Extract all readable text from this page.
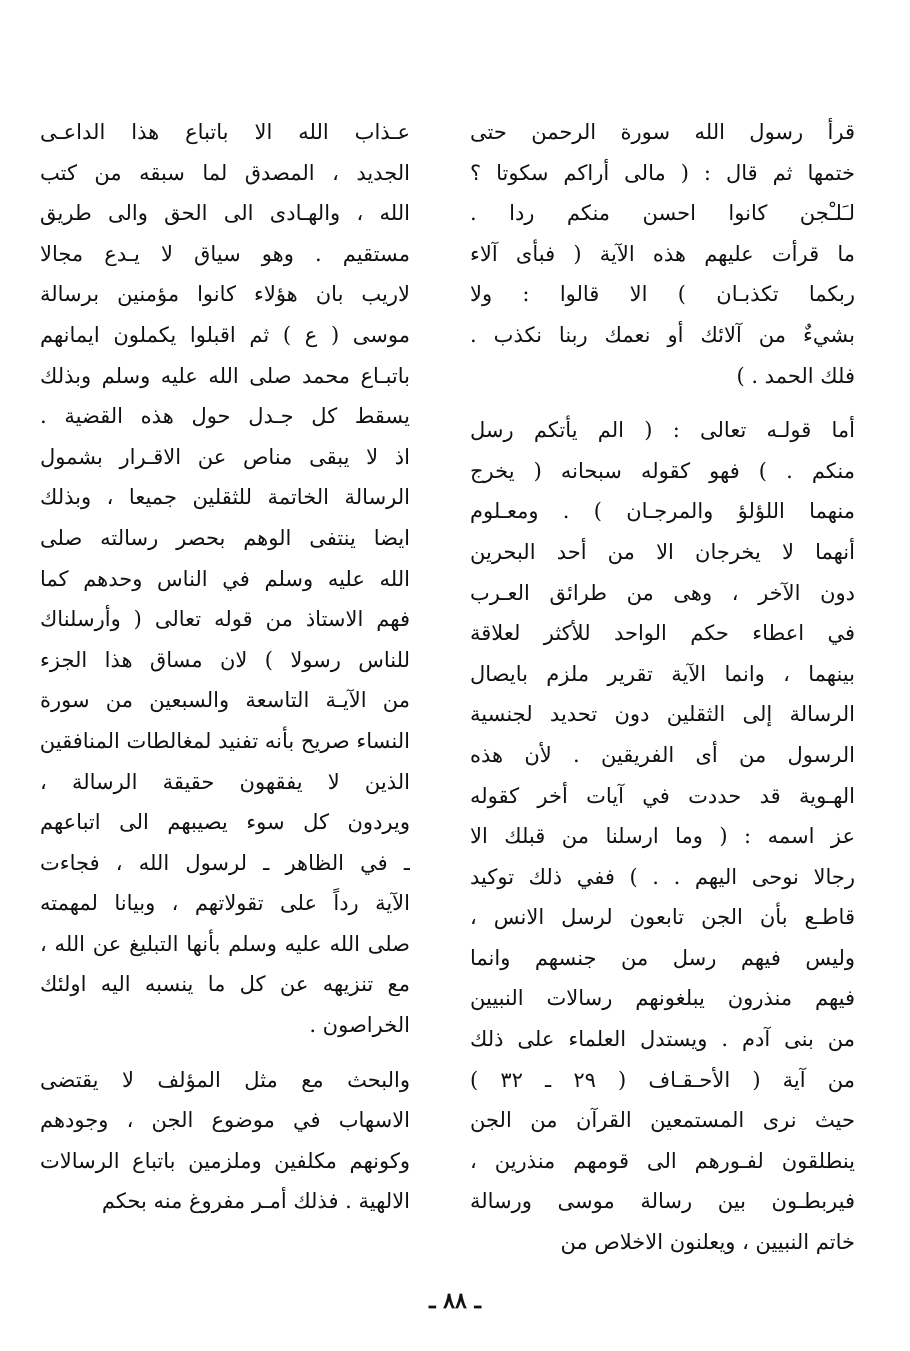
قرأ رسول الله سورة الرحمن حتى
ختمها ثم قال : ( مالى أراكم سكوتا ؟
لـَلـْجن كانوا احسن منكم ردا .
ما قرأت عليهم هذه الآية ( فبأى آلاء
ربكما تكذبـان ) الا قالوا : ولا
بشيءٌ من آلائك أو نعمك ربنا نكذب .
فلك الحمد . )
أما قولـه تعالى : ( الم يأتكم رسل
منكم . ) فهو كقوله سبحانه ( يخرج
منهما اللؤلؤ والمرجـان ) . ومعـلوم
أنهما لا يخرجان الا من أحد البحرين
دون الآخر ، وهى من طرائق العـرب
في اعطاء حكم الواحد للأكثر لعلاقة
بينهما ، وانما الآية تقرير ملزم بايصال
الرسالة إلى الثقلين دون تحديد لجنسية
الرسول من أى الفريقين . لأن هذه
الهـوية قد حددت في آيات أخر كقوله
عز اسمه : ( وما ارسلنا من قبلك الا
رجالا نوحى اليهم . . ) ففي ذلك توكيد
قاطـع بأن الجن تابعون لرسل الانس ،
وليس فيهم رسل من جنسهم وانما
فيهم منذرون يبلغونهم رسالات النبيين
من بنى آدم . ويستدل العلماء على ذلك
من آية ( الأحـقـاف ( ٢٩ ـ ٣٢ )
حيث نرى المستمعين القرآن من الجن
ينطلقون لفـورهم الى قومهم منذرين ،
فيربطـون بين رسالة موسى ورسالة
خاتم النبيين ، ويعلنون الاخلاص من
عـذاب الله الا باتباع هذا الداعـى
الجديد ، المصدق لما سبقه من كتب
الله ، والهـادى الى الحق والى طريق
مستقيم . وهو سياق لا يـدع مجالا
لاريب بان هؤلاء كانوا مؤمنين برسالة
موسى ( ع ) ثم اقبلوا يكملون ايمانهم
باتبـاع محمد صلى الله عليه وسلم وبذلك
يسقط كل جـدل حول هذه القضية .
اذ لا يبقى مناص عن الاقـرار بشمول
الرسالة الخاتمة للثقلين جميعا ، وبذلك
ايضا ينتفى الوهم بحصر رسالته صلى
الله عليه وسلم في الناس وحدهم كما
فهم الاستاذ من قوله تعالى ( وأرسلناك
للناس رسولا ) لان مساق هذا الجزء
من الآيـة التاسعة والسبعين من سورة
النساء صريح بأنه تفنيد لمغالطات المنافقين
الذين لا يفقهون حقيقة الرسالة ،
ويردون كل سوء يصيبهم الى اتباعهم
ـ في الظاهر ـ لرسول الله ، فجاءت
الآية رداً على تقولاتهم ، وبيانا لمهمته
صلى الله عليه وسلم بأنها التبليغ عن الله ،
مع تنزيهه عن كل ما ينسبه اليه اولئك
الخراصون .
والبحث مع مثل المؤلف لا يقتضى
الاسهاب في موضوع الجن ، وجودهم
وكونهم مكلفين وملزمين باتباع الرسالات
الالهية . فذلك أمـر مفروغ منه بحكم
ـ ٨٨ ـ
